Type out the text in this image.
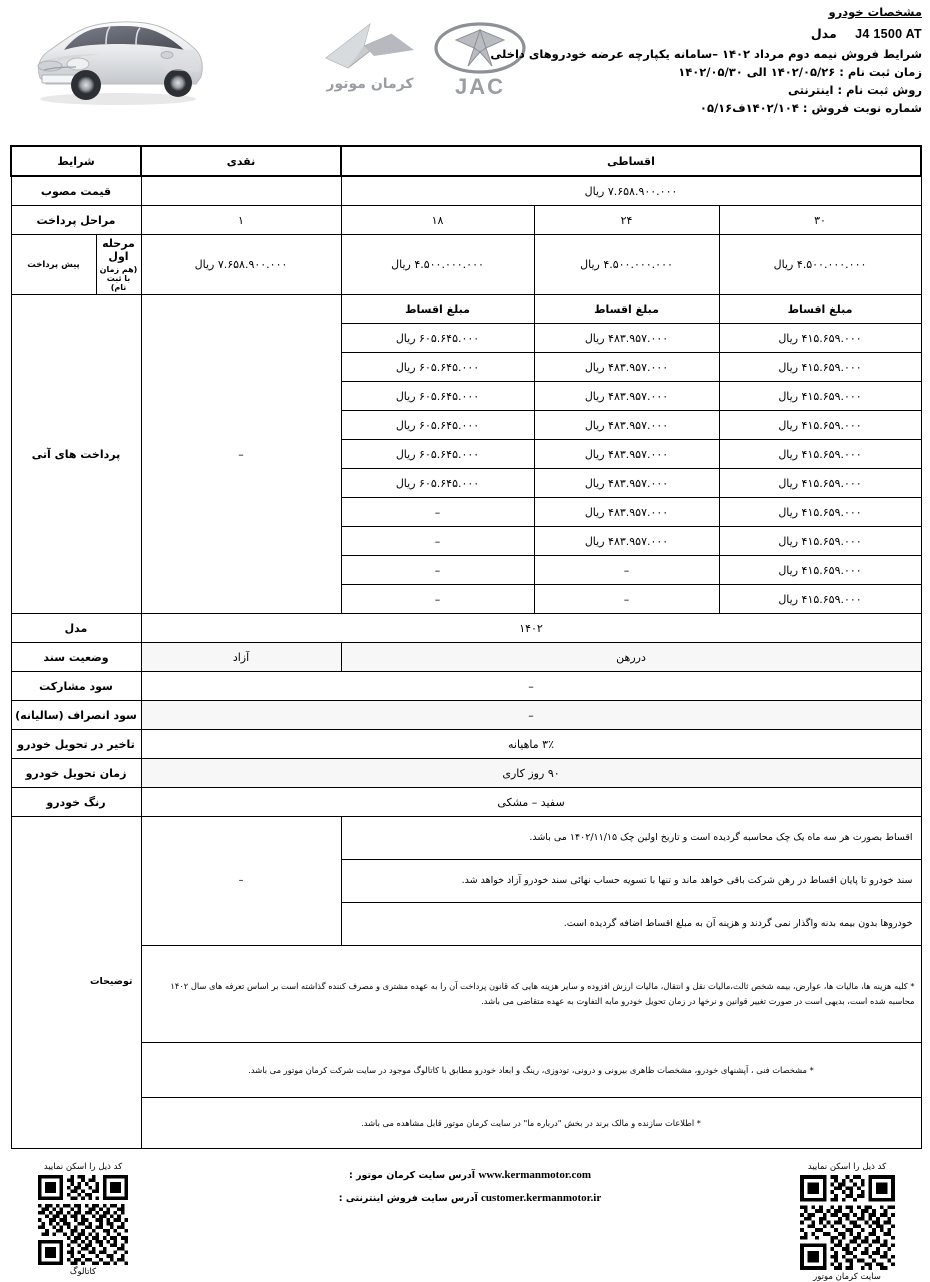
کرمان موتور JAC
مشخصات خودرو
J4 1500 AT مدل
شرایط فروش نیمه دوم مرداد ۱۴۰۲ –سامانه یکپارچه عرضه خودروهای داخلی
زمان ثبت نام : ۱۴۰۲/۰۵/۲۶ الی ۱۴۰۲/۰۵/۳۰
روش ثبت نام : اینترنتی
شماره نوبت فروش : ۱۴۰۲/۱۰۴ف۰۵/۱۶
اقساطی			نقدی	شرایط	
۷.۶۵۸.۹۰۰.۰۰۰ ریال				قیمت مصوب	
۳۰	۲۴	۱۸	۱	مراحل پرداخت	
۴.۵۰۰.۰۰۰.۰۰۰ ریال	۴.۵۰۰.۰۰۰.۰۰۰ ریال	۴.۵۰۰.۰۰۰.۰۰۰ ریال	۷.۶۵۸.۹۰۰.۰۰۰ ریال	مرحله اول
(هم زمان با ثبت نام)	پیش پرداخت
مبلغ اقساط	مبلغ اقساط	مبلغ اقساط	–	پرداخت های آتی	
۴۱۵.۶۵۹.۰۰۰ ریال	۴۸۳.۹۵۷.۰۰۰ ریال	۶۰۵.۶۴۵.۰۰۰ ریال			
۴۱۵.۶۵۹.۰۰۰ ریال	۴۸۳.۹۵۷.۰۰۰ ریال	۶۰۵.۶۴۵.۰۰۰ ریال			
۴۱۵.۶۵۹.۰۰۰ ریال	۴۸۳.۹۵۷.۰۰۰ ریال	۶۰۵.۶۴۵.۰۰۰ ریال			
۴۱۵.۶۵۹.۰۰۰ ریال	۴۸۳.۹۵۷.۰۰۰ ریال	۶۰۵.۶۴۵.۰۰۰ ریال			
۴۱۵.۶۵۹.۰۰۰ ریال	۴۸۳.۹۵۷.۰۰۰ ریال	۶۰۵.۶۴۵.۰۰۰ ریال			
۴۱۵.۶۵۹.۰۰۰ ریال	۴۸۳.۹۵۷.۰۰۰ ریال	۶۰۵.۶۴۵.۰۰۰ ریال			
۴۱۵.۶۵۹.۰۰۰ ریال	۴۸۳.۹۵۷.۰۰۰ ریال	–			
۴۱۵.۶۵۹.۰۰۰ ریال	۴۸۳.۹۵۷.۰۰۰ ریال	–			
۴۱۵.۶۵۹.۰۰۰ ریال	–	–			
۴۱۵.۶۵۹.۰۰۰ ریال	–	–			
۱۴۰۲				مدل	
دررهن			آزاد	وضعیت سند	
–				سود مشارکت	
–				سود انصراف (سالیانه)	
۳٪ ماهیانه				تاخیر در تحویل خودرو	
۹۰ روز کاری				زمان تحویل خودرو	
سفید – مشکی				رنگ خودرو	
اقساط بصورت هر سه ماه یک چک محاسبه گردیده است و تاریخ اولین چک ۱۴۰۲/۱۱/۱۵ می باشد.			–	توضیحات	
سند خودرو تا پایان اقساط در رهن شرکت باقی خواهد ماند و تنها با تسویه حساب نهائی سند خودرو آزاد خواهد شد.					
خودروها بدون بیمه بدنه واگذار نمی گردند و هزینه آن به مبلغ اقساط اضافه گردیده است.					
* کلیه هزینه ها، مالیات ها، عوارض، بیمه شخص ثالث،مالیات نقل و انتقال، مالیات ارزش افزوده و سایر هزینه هایی که قانون پرداخت آن را به عهده مشتری و مصرف کننده گذاشته است بر اساس تعرفه های سال ۱۴۰۲ محاسبه شده است، بدیهی است در صورت تغییر قوانین و نرخها در زمان تحویل خودرو مابه التفاوت به عهده متقاضی می باشد.					
* مشخصات فنی ، آپشنهای خودرو، مشخصات ظاهری بیرونی و درونی، تودوزی، رینگ و ابعاد خودرو مطابق با کاتالوگ موجود در سایت شرکت کرمان موتور می باشد.					
* اطلاعات سازنده و مالک برند در بخش "درباره ما" در سایت کرمان موتور قابل مشاهده می باشد.					
کد ذیل را اسکن نمایید
کاتالوگ
www.kermanmotor.com آدرس سایت کرمان موتور :
customer.kermanmotor.ir آدرس سایت فروش اینترنتی :
کد ذیل را اسکن نمایید
سایت کرمان موتور
